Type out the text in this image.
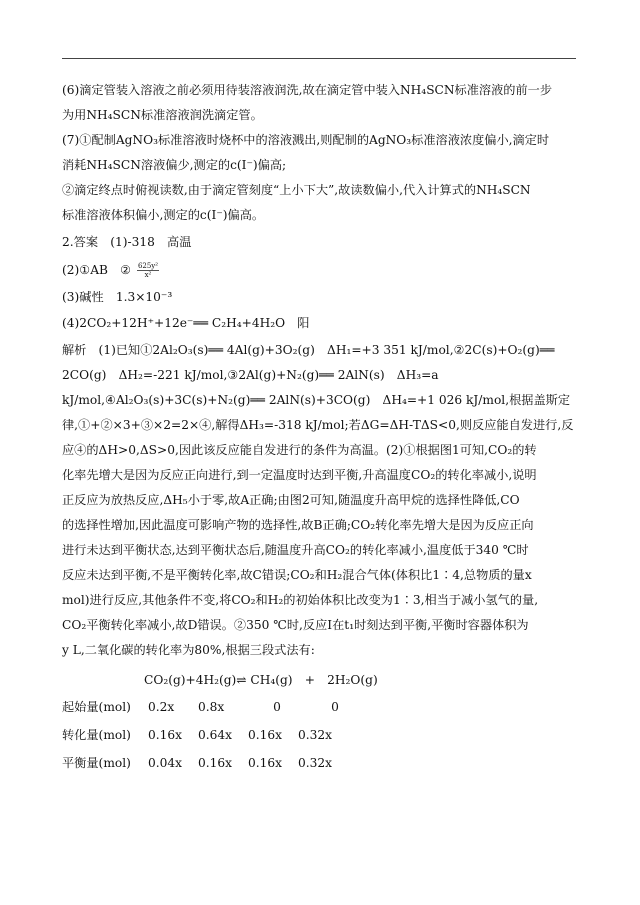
(6)滴定管装入溶液之前必须用待装溶液润洗,故在滴定管中装入NH₄SCN标准溶液的前一步
为用NH₄SCN标准溶液润洗滴定管。
(7)①配制AgNO₃标准溶液时烧杯中的溶液溅出,则配制的AgNO₃标准溶液浓度偏小,滴定时
消耗NH₄SCN溶液偏少,测定的c(I⁻)偏高;
②滴定终点时俯视读数,由于滴定管刻度“上小下大”,故读数偏小,代入计算式的NH₄SCN
标准溶液体积偏小,测定的c(I⁻)偏高。
2.答案　(1)-318　高温
(2)①AB　② $\frac{\text{625y²}}{\text{x²}}$
(3)碱性　1.3×10⁻³
(4)2CO₂+12H⁺+12e⁻══ C₂H₄+4H₂O　阳
解析　(1)已知①2Al₂O₃(s)══ 4Al(g)+3O₂(g)　ΔH₁=+3 351 kJ/mol,②2C(s)+O₂(g)══
2CO(g)　ΔH₂=-221 kJ/mol,③2Al(g)+N₂(g)══ 2AlN(s)　ΔH₃=a
kJ/mol,④Al₂O₃(s)+3C(s)+N₂(g)══ 2AlN(s)+3CO(g)　ΔH₄=+1 026 kJ/mol,根据盖斯定
律,①+②×3+③×2=2×④,解得ΔH₃=-318 kJ/mol;若ΔG=ΔH-TΔS<0,则反应能自发进行,反
应④的ΔH>0,ΔS>0,因此该反应能自发进行的条件为高温。(2)①根据图1可知,CO₂的转
化率先增大是因为反应正向进行,到一定温度时达到平衡,升高温度CO₂的转化率减小,说明
正反应为放热反应,ΔH₅小于零,故A正确;由图2可知,随温度升高甲烷的选择性降低,CO
的选择性增加,因此温度可影响产物的选择性,故B正确;CO₂转化率先增大是因为反应正向
进行未达到平衡状态,达到平衡状态后,随温度升高CO₂的转化率减小,温度低于340 ℃时
反应未达到平衡,不是平衡转化率,故C错误;CO₂和H₂混合气体(体积比1∶4,总物质的量x
mol)进行反应,其他条件不变,将CO₂和H₂的初始体积比改变为1∶3,相当于减小氢气的量,
CO₂平衡转化率减小,故D错误。②350 ℃时,反应Ⅰ在t₁时刻达到平衡,平衡时容器体积为
y L,二氧化碳的转化率为80%,根据三段式法有:
CO₂(g)+4H₂(g)⇌ CH₄(g)　+　2H₂O(g)
起始量(mol) 0.2x 0.8x	0	0
转化量(mol) 0.16x 0.64x 0.16x 0.32x
平衡量(mol) 0.04x 0.16x 0.16x 0.32x
